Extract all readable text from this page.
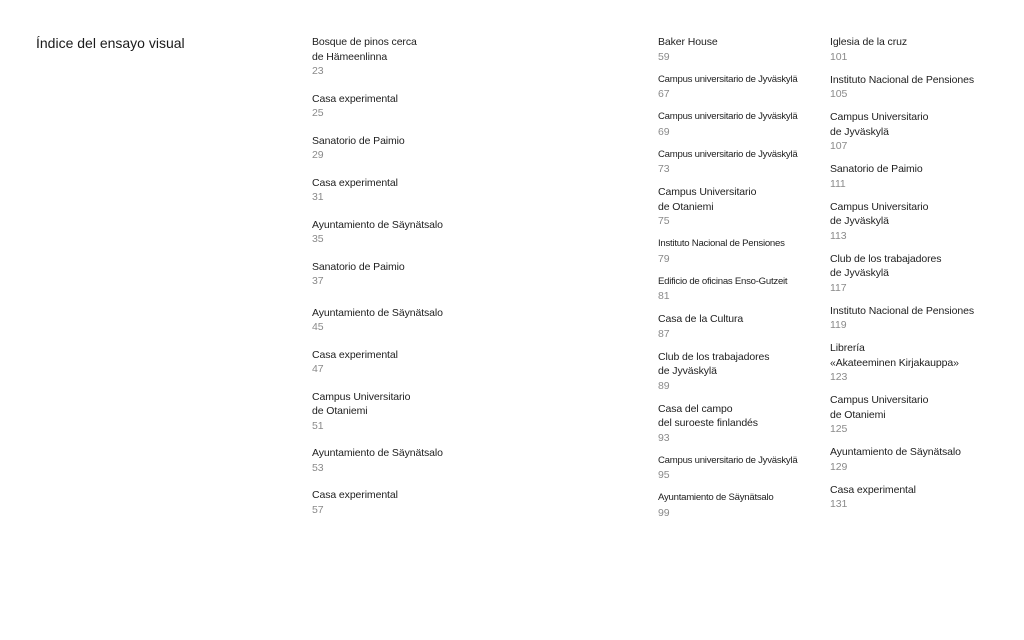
Índice del ensayo visual	Bosque de pinos cerca
de Hämeenlinna
23
Casa experimental
25
Sanatorio de Paimio
29
Casa experimental
31
Ayuntamiento de Säynätsalo
35
Sanatorio de Paimio
37
Ayuntamiento de Säynätsalo
45
Casa experimental
47
Campus Universitario
de Otaniemi
51
Ayuntamiento de Säynätsalo
53
Casa experimental
57
Baker House
59
Campus universitario de Jyväskylä
67
Campus universitario de Jyväskylä
69
Campus universitario de Jyväskylä
73
Campus Universitario
de Otaniemi
75
Instituto Nacional de Pensiones
79
Edificio de oficinas Enso-Gutzeit
81
Casa de la Cultura
87
Club de los trabajadores
de Jyväskylä
89
Casa del campo
del suroeste finlandés
93
Campus universitario de Jyväskylä
95
Ayuntamiento de Säynätsalo
99
Iglesia de la cruz
101
Instituto Nacional de Pensiones
105
Campus Universitario
de Jyväskylä
107
Sanatorio de Paimio
111
Campus Universitario
de Jyväskylä
113
Club de los trabajadores
de Jyväskylä
117
Instituto Nacional de Pensiones
119
Librería
«Akateeminen Kirjakauppa»
123
Campus Universitario
de Otaniemi
125
Ayuntamiento de Säynätsalo
129
Casa experimental
131
